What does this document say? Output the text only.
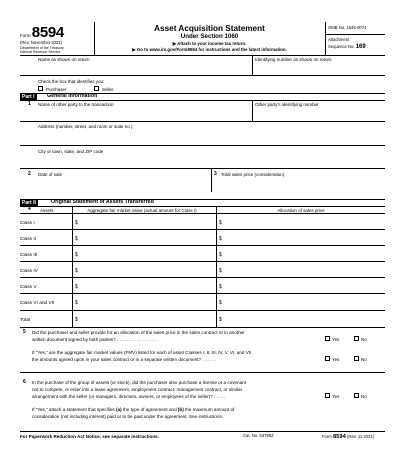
Form 8594
(Rev. November 2021)
Department of the Treasury
Internal Revenue Service
Asset Acquisition Statement
Under Section 1060
▶ Attach to your income tax return.
▶ Go to www.irs.gov/Form8594 for instructions and the latest information.
OMB No. 1545-0074
Attachment
Sequence No. 169
Name as shown on return	Identifying number as shown on return
Check the box that identifies you:
Purchaser	Seller
Part I	General Information
1 Name of other party to the transaction	Other party's identifying number
Address (number, street, and room or suite no.)
City or town, state, and ZIP code
2 Date of sale	3 Total sales price (consideration)
Part II	Original Statement of Assets Transferred
4 Assets	Aggregate fair market value (actual amount for Class I)	Allocation of sales price
Class I	$	$
Class II	$	$
Class III	$	$
Class IV	$	$
Class V	$	$
Class VI and VII	$	$
Total	$	$
5 Did the purchaser and seller provide for an allocation of the sales price in the sales contract or in another
written document signed by both parties? . . . . . . . . . . . . . . . .	Yes	No
If “Yes,” are the aggregate fair market values (FMV) listed for each of asset Classes I, II, III, IV, V, VI, and VII
the amounts agreed upon in your sales contract or in a separate written document? . . . . . .	Yes	No
6 In the purchase of the group of assets (or stock), did the purchaser also purchase a license or a covenant
not to compete, or enter into a lease agreement, employment contract, management contract, or similar
arrangement with the seller (or managers, directors, owners, or employees of the seller)? . . . . .	Yes	No
If “Yes,” attach a statement that specifies (a) the type of agreement and (b) the maximum amount of
consideration (not including interest) paid or to be paid under the agreement. See instructions.
For Paperwork Reduction Act Notice, see separate instructions.	Cat. No. 63768Z	Form 8594 (Rev. 11-2021)
